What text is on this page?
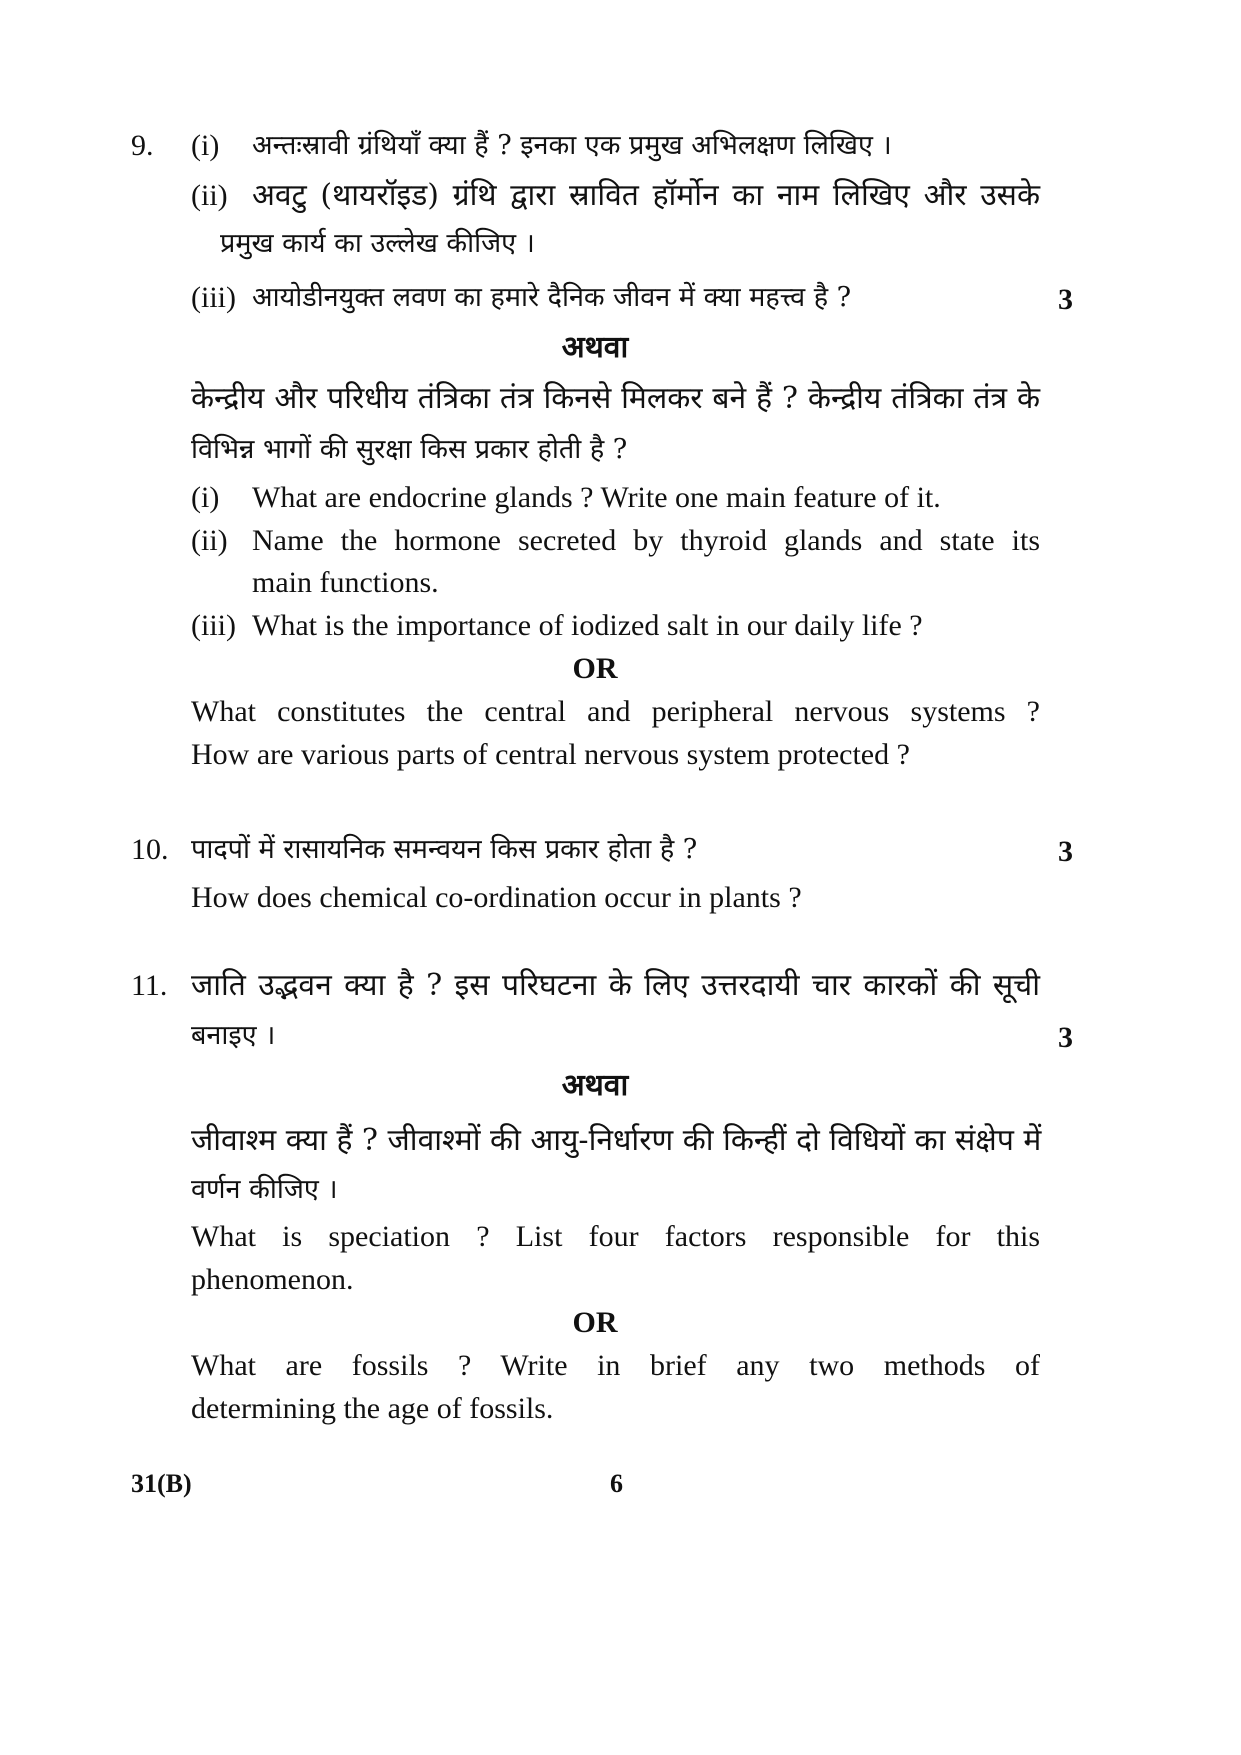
9. (i) अन्तःस्रावी ग्रंथियाँ क्या हैं ? इनका एक प्रमुख अभिलक्षण लिखिए ।
(ii) अवटु (थायरॉइड) ग्रंथि द्वारा स्रावित हॉर्मोन का नाम लिखिए और उसके
प्रमुख कार्य का उल्लेख कीजिए ।
(iii) आयोडीनयुक्त लवण का हमारे दैनिक जीवन में क्या महत्त्व है ?	3
अथवा
केन्द्रीय और परिधीय तंत्रिका तंत्र किनसे मिलकर बने हैं ? केन्द्रीय तंत्रिका तंत्र के
विभिन्न भागों की सुरक्षा किस प्रकार होती है ?
(i) What are endocrine glands ? Write one main feature of it.
(ii) Name the hormone secreted by thyroid glands and state its
main functions.
(iii) What is the importance of iodized salt in our daily life ?
OR
What constitutes the central and peripheral nervous systems ?
How are various parts of central nervous system protected ?
10. पादपों में रासायनिक समन्वयन किस प्रकार होता है ?	3
How does chemical co-ordination occur in plants ?
11. जाति उद्भवन क्या है ? इस परिघटना के लिए उत्तरदायी चार कारकों की सूची
बनाइए ।	3
अथवा
जीवाश्म क्या हैं ? जीवाश्मों की आयु-निर्धारण की किन्हीं दो विधियों का संक्षेप में
वर्णन कीजिए ।
What is speciation ? List four factors responsible for this
phenomenon.
OR
What are fossils ? Write in brief any two methods of
determining the age of fossils.
31(B)	6
